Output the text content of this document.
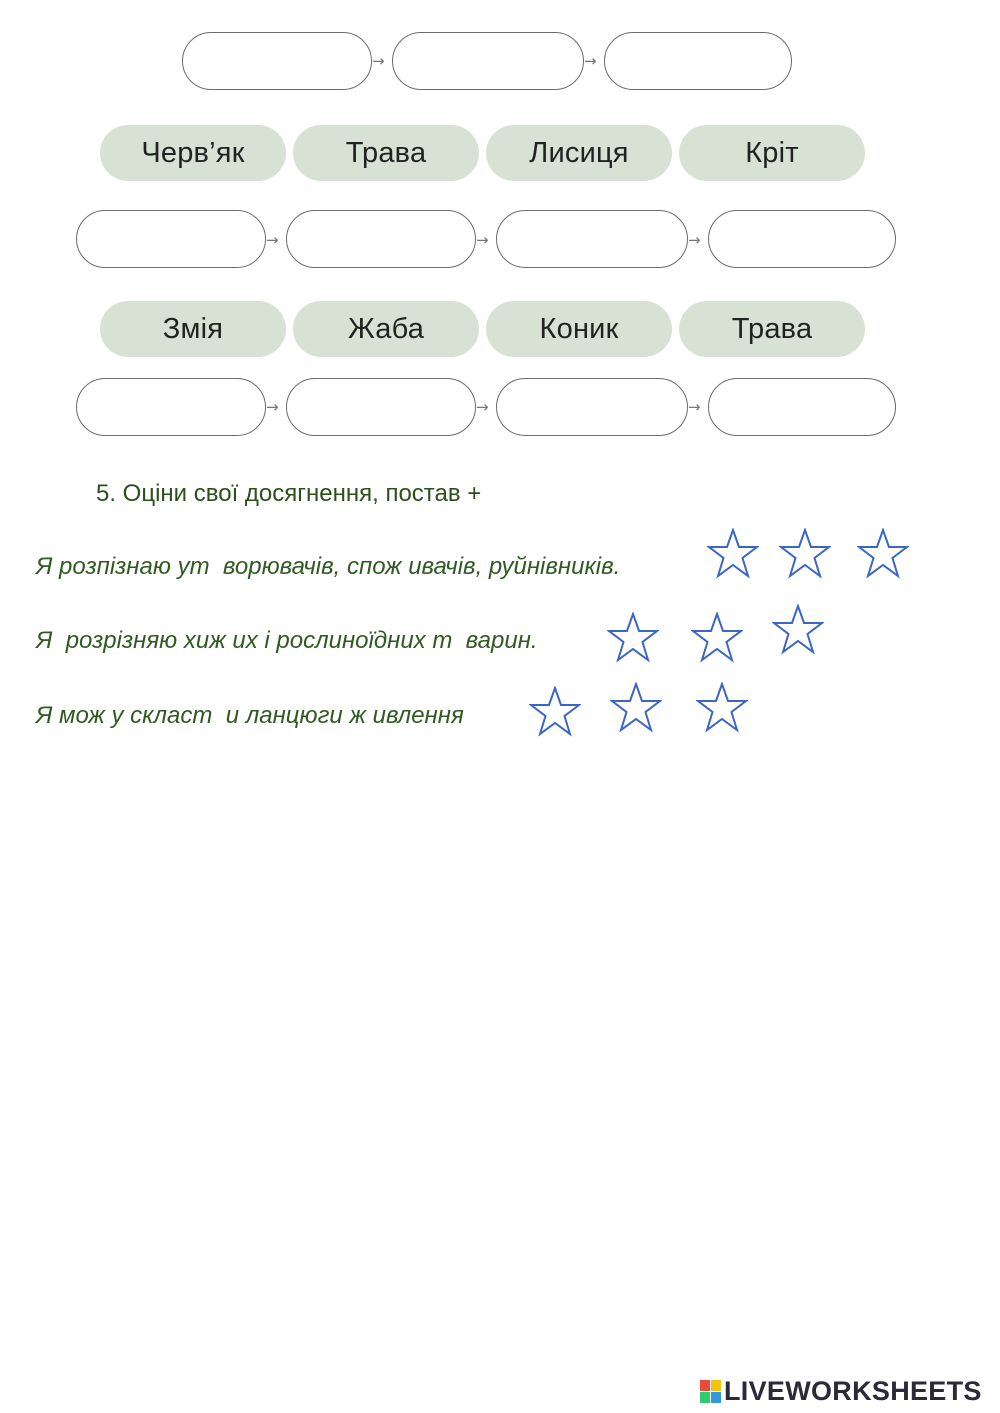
→	→
Черв’як	Трава	Лисиця	Кріт
→	→	→
Змія	Жаба	Коник	Трава
→	→	→
5. Оціни свої досягнення, постав +
Я розпізнаю ут  ворювачів, спож ивачів, руйнівників.
Я  розрізняю хиж их і рослиноїдних т  варин.
Я мож у скласт  и ланцюги ж ивлення
LIVEWORKSHEETS
